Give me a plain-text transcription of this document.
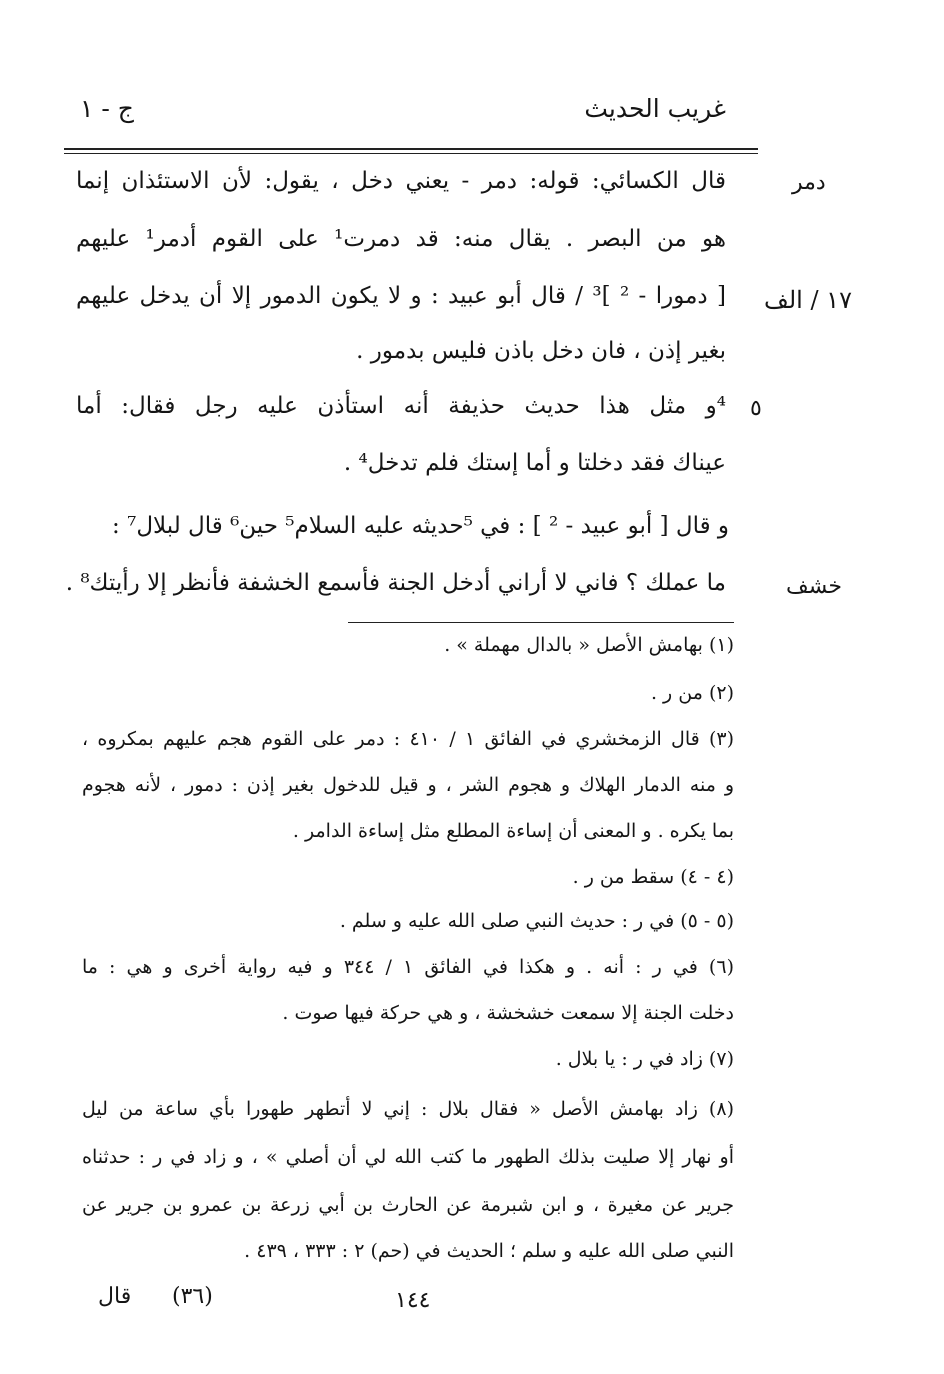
غريب الحديث
ج - ١
دمر
١٧ / الف
٥
خشف
قال الكسائي: قوله: دمر - يعني دخل ، يقول: لأن الاستئذان إنما
هو من البصر . يقال منه: قد دمرت¹ على القوم أدمر¹ عليهم
[ دمورا - ² ]³ / قال أبو عبيد : و لا يكون الدمور إلا أن يدخل عليهم
بغير إذن ، فان دخل باذن فليس بدمور .
⁴و مثل هذا حديث حذيفة أنه استأذن عليه رجل فقال: أما
عيناك فقد دخلتا و أما إستك فلم تدخل⁴ .
و قال [ أبو عبيد - ² ] : في ⁵حديثه عليه السلام⁵ حين⁶ قال لبلال⁷ :
ما عملك ؟ فاني لا أراني أدخل الجنة فأسمع الخشفة فأنظر إلا رأيتك⁸ .
(١) بهامش الأصل « بالدال مهملة » .
(٢) من ر .
(٣) قال الزمخشري في الفائق ١ / ٤١٠ : دمر على القوم هجم عليهم بمكروه ،
و منه الدمار الهلاك و هجوم الشر ، و قيل للدخول بغير إذن : دمور ، لأنه هجوم
بما يكره . و المعنى أن إساءة المطلع مثل إساءة الدامر .
(٤ - ٤) سقط من ر .
(٥ - ٥) في ر : حديث النبي صلى الله عليه و سلم .
(٦) في ر : أنه . و هكذا في الفائق ١ / ٣٤٤ و فيه رواية أخرى و هي : ما
دخلت الجنة إلا سمعت خشخشة ، و هي حركة فيها صوت .
(٧) زاد في ر : يا بلال .
(٨) زاد بهامش الأصل « فقال بلال : إني لا أتطهر طهورا بأي ساعة من ليل
أو نهار إلا صليت بذلك الطهور ما كتب الله لي أن أصلي » ، و زاد في ر : حدثناه
جرير عن مغيرة ، و ابن شبرمة عن الحارث بن أبي زرعة بن عمرو بن جرير عن
النبي صلى الله عليه و سلم ؛ الحديث في (حم) ٢ : ٣٣٣ ، ٤٣٩ .
١٤٤
(٣٦)
قال
